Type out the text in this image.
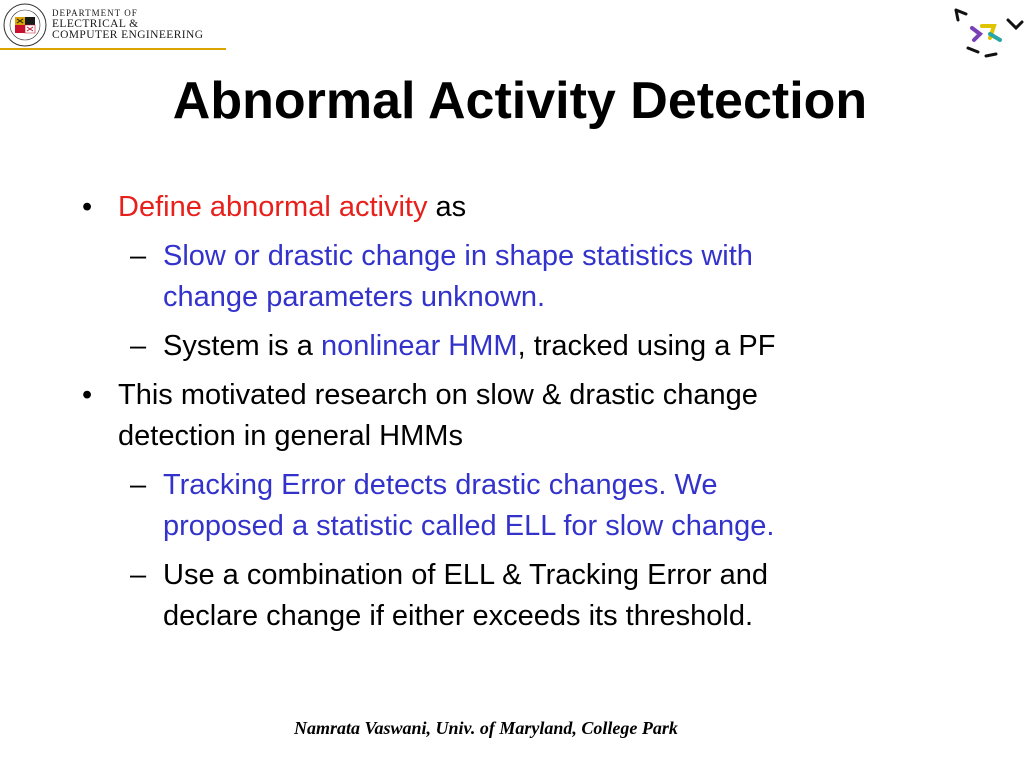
DEPARTMENT OF
ELECTRICAL &
COMPUTER ENGINEERING
Abnormal Activity Detection
• Define abnormal activity as
– Slow or drastic change in shape statistics with
change parameters unknown.
– System is a nonlinear HMM, tracked using a PF
• This motivated research on slow & drastic change
detection in general HMMs
– Tracking Error detects drastic changes. We
proposed a statistic called ELL for slow change.
– Use a combination of ELL & Tracking Error and
declare change if either exceeds its threshold.
Namrata Vaswani, Univ. of Maryland, College Park
